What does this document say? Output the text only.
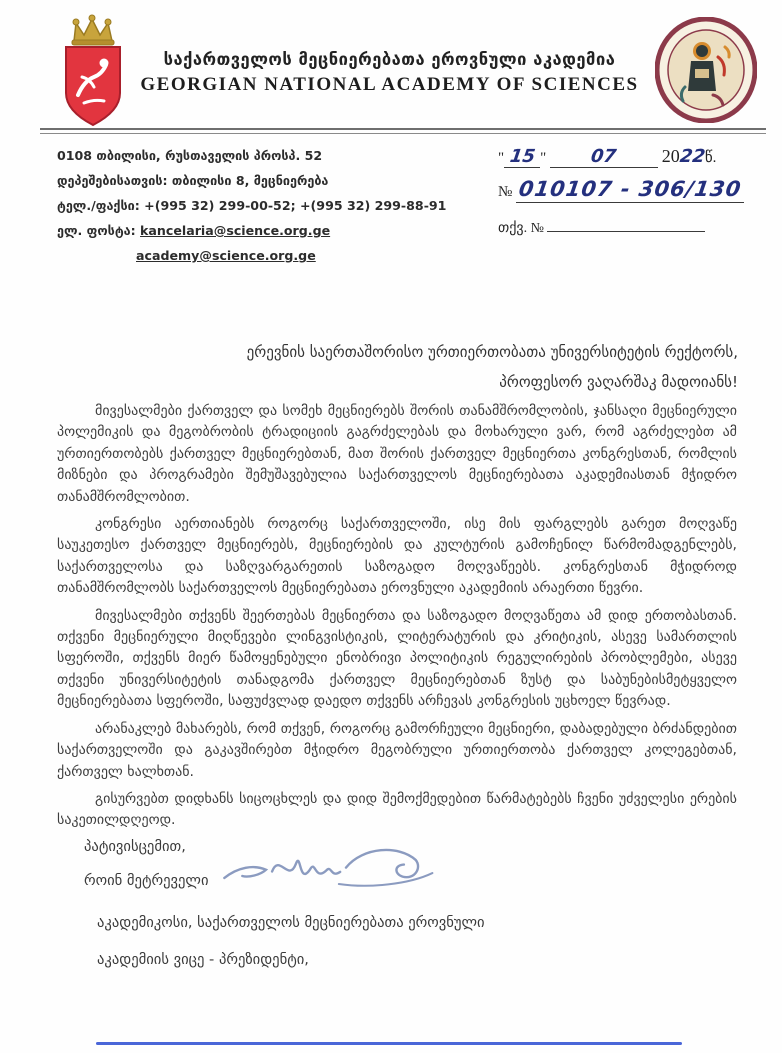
საქართველოს მეცნიერებათა ეროვნული აკადემია
GEORGIAN NATIONAL ACADEMY OF SCIENCES
0108 თბილისი, რუსთაველის პროსპ. 52
დეპეშებისათვის: თბილისი 8, მეცნიერება
ტელ./ფაქსი: +(995 32) 299-00-52; +(995 32) 299-88-91
ელ. ფოსტა: kancelaria@science.org.ge
academy@science.org.ge
" 15 " 07 2022წ.
№ 010107 - 306/130
თქვ. №
ერევნის საერთაშორისო ურთიერთობათა უნივერსიტეტის რექტორს,
პროფესორ ვაღარშაკ მადოიანს!

მივესალმები ქართველ და სომეხ მეცნიერებს შორის თანამშრომლობის, ჯანსაღი მეცნიერული პოლემიკის და მეგობრობის ტრადიციის გაგრძელებას და მოხარული ვარ, რომ აგრძელებთ ამ ურთიერთობებს ქართველ მეცნიერებთან, მათ შორის ქართველ მეცნიერთა კონგრესთან, რომლის მიზნები და პროგრამები შემუშავებულია საქართველოს მეცნიერებათა აკადემიასთან მჭიდრო თანამშრომლობით.

კონგრესი აერთიანებს როგორც საქართველოში, ისე მის ფარგლებს გარეთ მოღვაწე საუკეთესო ქართველ მეცნიერებს, მეცნიერების და კულტურის გამოჩენილ წარმომადგენლებს, საქართველოსა და საზღვარგარეთის საზოგადო მოღვაწეებს. კონგრესთან მჭიდროდ თანამშრომლობს საქართველოს მეცნიერებათა ეროვნული აკადემიის არაერთი წევრი.

მივესალმები თქვენს შეერთებას მეცნიერთა და საზოგადო მოღვაწეთა ამ დიდ ერთობასთან. თქვენი მეცნიერული მიღწევები ლინგვისტიკის, ლიტერატურის და კრიტიკის, ასევე სამართლის სფეროში, თქვენს მიერ წამოყენებული ენობრივი პოლიტიკის რეგულირების პრობლემები, ასევე თქვენი უნივერსიტეტის თანადგომა ქართველ მეცნიერებთან ზუსტ და საბუნებისმეტყველო მეცნიერებათა სფეროში, საფუძვლად დაედო თქვენს არჩევას კონგრესის უცხოელ წევრად.

არანაკლებ მახარებს, რომ თქვენ, როგორც გამორჩეული მეცნიერი, დაბადებული ბრძანდებით საქართველოში და გაკავშირებთ მჭიდრო მეგობრული ურთიერთობა ქართველ კოლეგებთან, ქართველ ხალხთან.

გისურვებთ დიდხანს სიცოცხლეს და დიდ შემოქმედებით წარმატებებს ჩვენი უძველესი ერების საკეთილდღეოდ.

პატივისცემით,
როინ მეტრეველი
აკადემიკოსი, საქართველოს მეცნიერებათა ეროვნული
აკადემიის ვიცე - პრეზიდენტი,
